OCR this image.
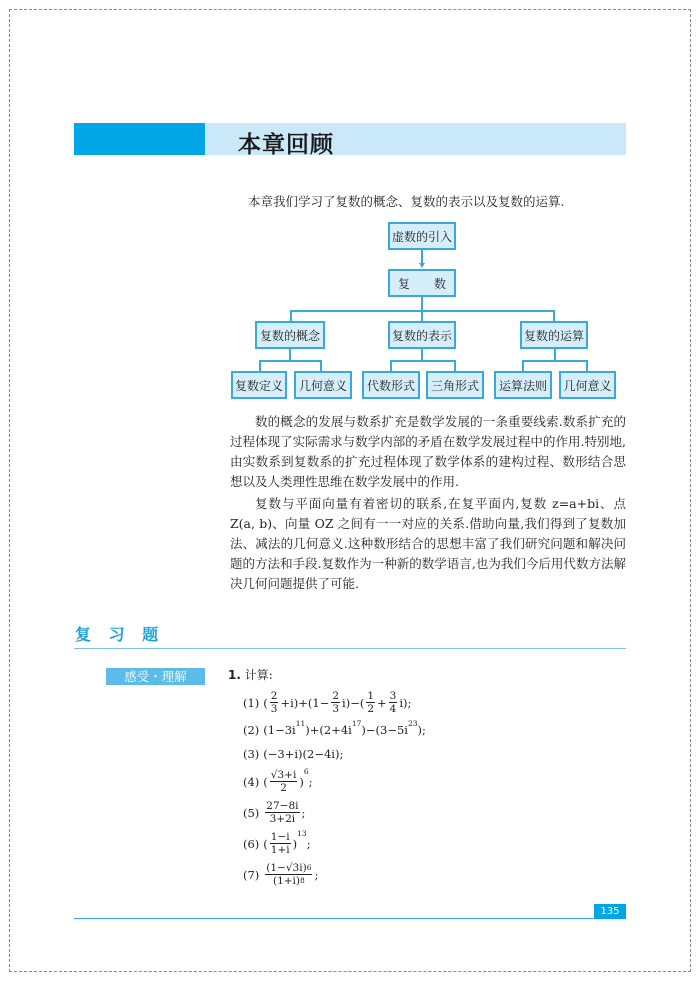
本章回顾
本章我们学习了复数的概念、复数的表示以及复数的运算.
虚数的引入
复　　数
复数的概念	复数的表示	复数的运算
复数定义	几何意义	代数形式	三角形式	运算法则	几何意义

数的概念的发展与数系扩充是数学发展的一条重要线索.数系扩充的过程体现了实际需求与数学内部的矛盾在数学发展过程中的作用.特别地,由实数系到复数系的扩充过程体现了数学体系的建构过程、数形结合思想以及人类理性思维在数学发展中的作用.

复数与平面向量有着密切的联系,在复平面内,复数 z=a+bi、点 Z(a, b)、向量 OZ 之间有一一对应的关系.借助向量,我们得到了复数加法、减法的几何意义.这种数形结合的思想丰富了我们研究问题和解决问题的方法和手段.复数作为一种新的数学语言,也为我们今后用代数方法解决几何问题提供了可能.

复 习 题
感受・理解	1. 计算:
(1) ( $\frac{2}{3} +i)+(1- \frac{2}{3} i)-( \frac{1}{2} + \frac{3}{4} i)$;
(2) (1−3i 11 )+(2+4i 17 )−(3−5i 23 );
(3) (−3+i)(2−4i);
(4) ( $\frac{√3+i}{2}$ )
6
;
$(5) \frac{27-8i}{3+2i}$ ;
(6) ( $\frac{1-i}{1+i}$ )
13
;
$(7) \frac{(1-√3i)6}{(1+i)8}$ ;
135
